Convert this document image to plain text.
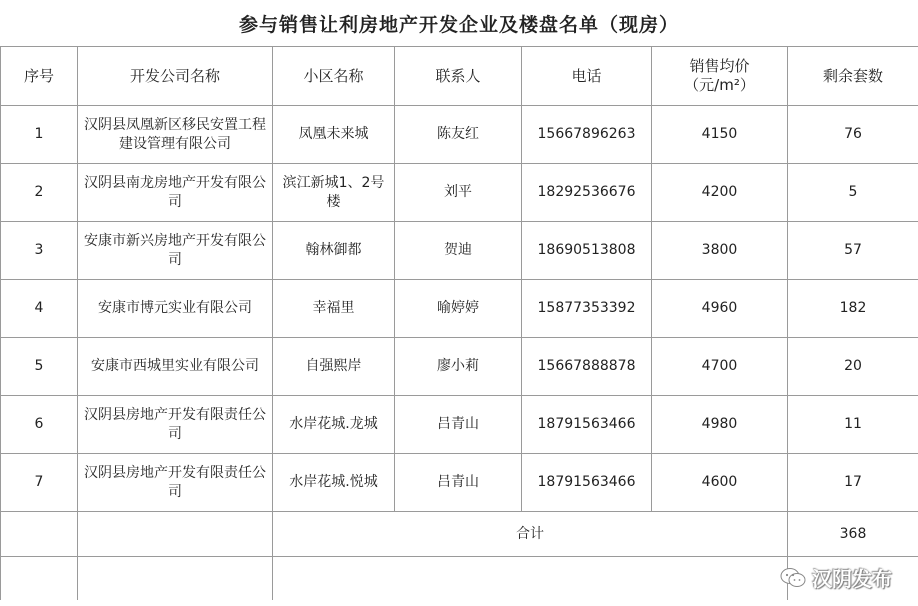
参与销售让利房地产开发企业及楼盘名单（现房）
序号	开发公司名称	小区名称	联系人	电话	销售均价（元/m²）	剩余套数
1	汉阴县凤凰新区移民安置工程建设管理有限公司	凤凰未来城	陈友红	15667896263	4150	76
2	汉阴县南龙房地产开发有限公司	滨江新城1、2号楼	刘平	18292536676	4200	5
3	安康市新兴房地产开发有限公司	翰林御都	贺迪	18690513808	3800	57
4	安康市博元实业有限公司	幸福里	喻婷婷	15877353392	4960	182
5	安康市西城里实业有限公司	自强熙岸	廖小莉	15667888878	4700	20
6	汉阴县房地产开发有限责任公司	水岸花城.龙城	吕青山	18791563466	4980	11
7	汉阴县房地产开发有限责任公司	水岸花城.悦城	吕青山	18791563466	4600	17
		合计				368

汉阴发布
